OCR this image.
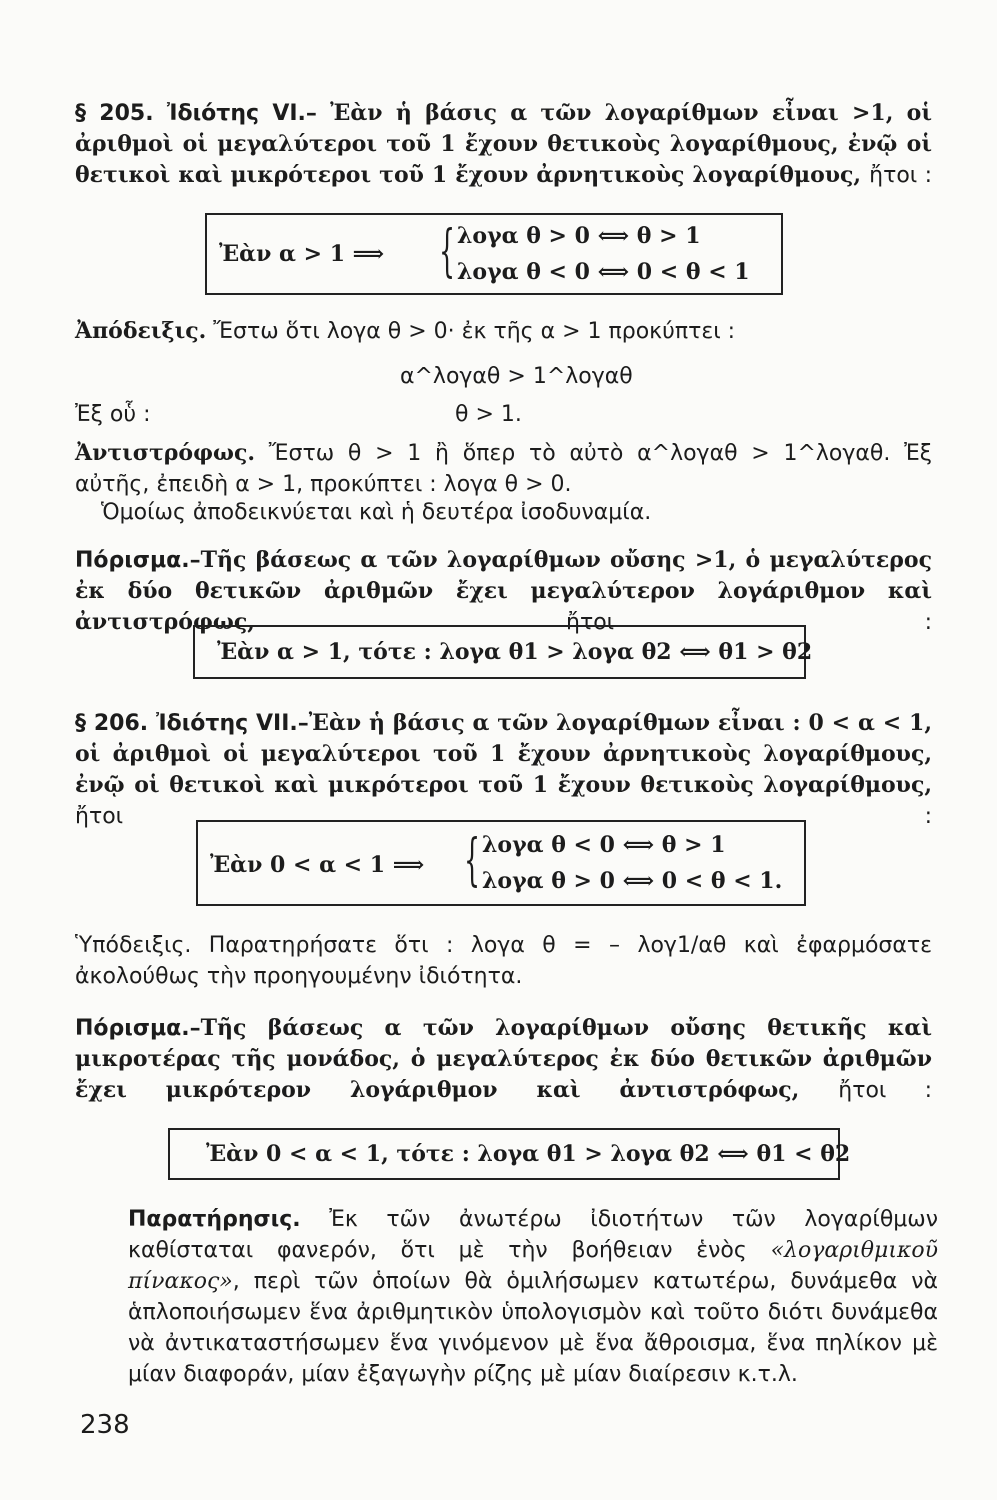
§ 205. Ἰδιότης VI.– Ἐὰν ἡ βάσις α τῶν λογαρίθμων εἶναι >1, οἱ ἀριθμοὶ οἱ μεγαλύτεροι τοῦ 1 ἔχουν θετικοὺς λογαρίθμους, ἐνῷ οἱ θετικοὶ καὶ μικρότεροι τοῦ 1 ἔχουν ἀρνητικοὺς λογαρίθμους, ἤτοι :
Ἐὰν α > 1 ⟹ { λογα θ > 0 ⟺ θ > 1
λογα θ < 0 ⟺ 0 < θ < 1
Ἀπόδειξις. Ἔστω ὅτι λογα θ > 0· ἐκ τῆς α > 1 προκύπτει :
α^λογαθ > 1^λογαθ
Ἐξ οὗ :	θ > 1.
Ἀντιστρόφως. Ἔστω θ > 1 ἢ ὅπερ τὸ αὐτὸ α^λογαθ > 1^λογαθ. Ἐξ αὐτῆς, ἐπειδὴ α > 1, προκύπτει : λογα θ > 0.
Ὁμοίως ἀποδεικνύεται καὶ ἡ δευτέρα ἰσοδυναμία.
Πόρισμα.–Τῆς βάσεως α τῶν λογαρίθμων οὔσης >1, ὁ μεγαλύτερος ἐκ δύο θετικῶν ἀριθμῶν ἔχει μεγαλύτερον λογάριθμον καὶ ἀντιστρόφως, ἤτοι :
Ἐὰν α > 1, τότε : λογα θ1 > λογα θ2 ⟺ θ1 > θ2
§ 206. Ἰδιότης VII.–Ἐὰν ἡ βάσις α τῶν λογαρίθμων εἶναι : 0 < α < 1, οἱ ἀριθμοὶ οἱ μεγαλύτεροι τοῦ 1 ἔχουν ἀρνητικοὺς λογαρίθμους, ἐνῷ οἱ θετικοὶ καὶ μικρότεροι τοῦ 1 ἔχουν θετικοὺς λογαρίθμους, ἤτοι :
Ἐὰν 0 < α < 1 ⟹ { λογα θ < 0 ⟺ θ > 1
λογα θ > 0 ⟺ 0 < θ < 1.
Ὑπόδειξις. Παρατηρήσατε ὅτι : λογα θ = – λογ1/αθ καὶ ἐφαρμόσατε ἀκολούθως τὴν προηγουμένην ἰδιότητα.
Πόρισμα.–Τῆς βάσεως α τῶν λογαρίθμων οὔσης θετικῆς καὶ μικροτέρας τῆς μονάδος, ὁ μεγαλύτερος ἐκ δύο θετικῶν ἀριθμῶν ἔχει μικρότερον λογάριθμον καὶ ἀντιστρόφως, ἤτοι :
Ἐὰν 0 < α < 1, τότε : λογα θ1 > λογα θ2 ⟺ θ1 < θ2
Παρατήρησις. Ἐκ τῶν ἀνωτέρω ἰδιοτήτων τῶν λογαρίθμων καθίσταται φανερόν, ὅτι μὲ τὴν βοήθειαν ἑνὸς «λογαριθμικοῦ πίνακος», περὶ τῶν ὁποίων θὰ ὁμιλήσωμεν κατωτέρω, δυνάμεθα νὰ ἁπλοποιήσωμεν ἕνα ἀριθμητικὸν ὑπολογισμὸν καὶ τοῦτο διότι δυνάμεθα νὰ ἀντικαταστήσωμεν ἕνα γινόμενον μὲ ἕνα ἄθροισμα, ἕνα πηλίκον μὲ μίαν διαφοράν, μίαν ἐξαγωγὴν ρίζης μὲ μίαν διαίρεσιν κ.τ.λ.
238
